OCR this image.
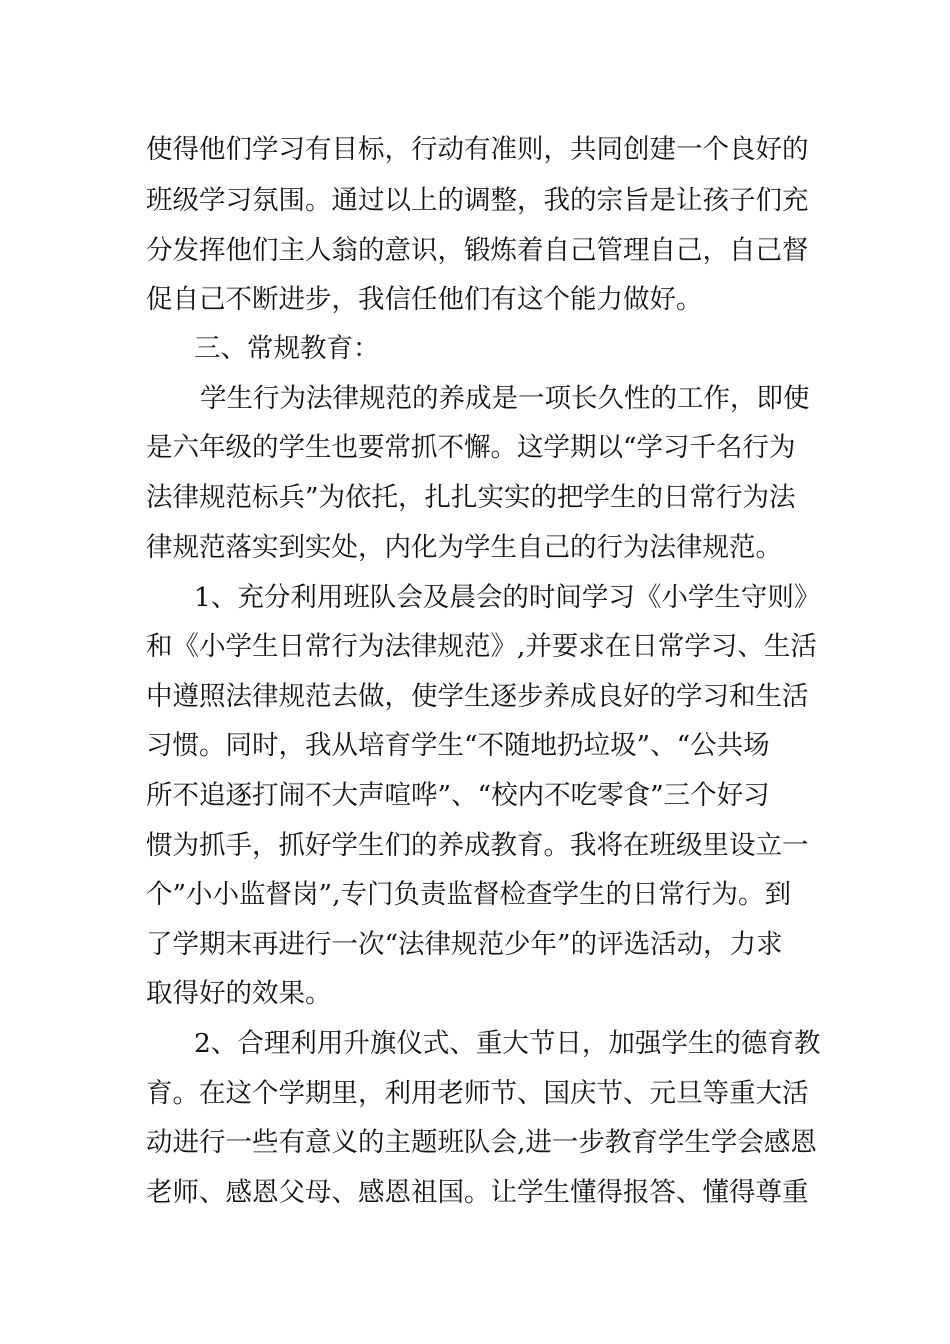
使得他们学习有目标，行动有准则，共同创建一个良好的
班级学习氛围。通过以上的调整，我的宗旨是让孩子们充
分发挥他们主人翁的意识，锻炼着自己管理自己，自己督
促自己不断进步，我信任他们有这个能力做好。
三、常规教育：
学生行为法律规范的养成是一项长久性的工作，即使
是六年级的学生也要常抓不懈。这学期以“学习千名行为
法律规范标兵”为依托，扎扎实实的把学生的日常行为法
律规范落实到实处，内化为学生自己的行为法律规范。
1、充分利用班队会及晨会的时间学习《小学生守则》
和《小学生日常行为法律规范》,并要求在日常学习、生活
中遵照法律规范去做，使学生逐步养成良好的学习和生活
习惯。同时，我从培育学生“不随地扔垃圾”、“公共场
所不追逐打闹不大声喧哗”、“校内不吃零食”三个好习
惯为抓手，抓好学生们的养成教育。我将在班级里设立一
个”小小监督岗”,专门负责监督检查学生的日常行为。到
了学期末再进行一次“法律规范少年”的评选活动，力求
取得好的效果。
2、合理利用升旗仪式、重大节日，加强学生的德育教
育。在这个学期里，利用老师节、国庆节、元旦等重大活
动进行一些有意义的主题班队会,进一步教育学生学会感恩
老师、感恩父母、感恩祖国。让学生懂得报答、懂得尊重
